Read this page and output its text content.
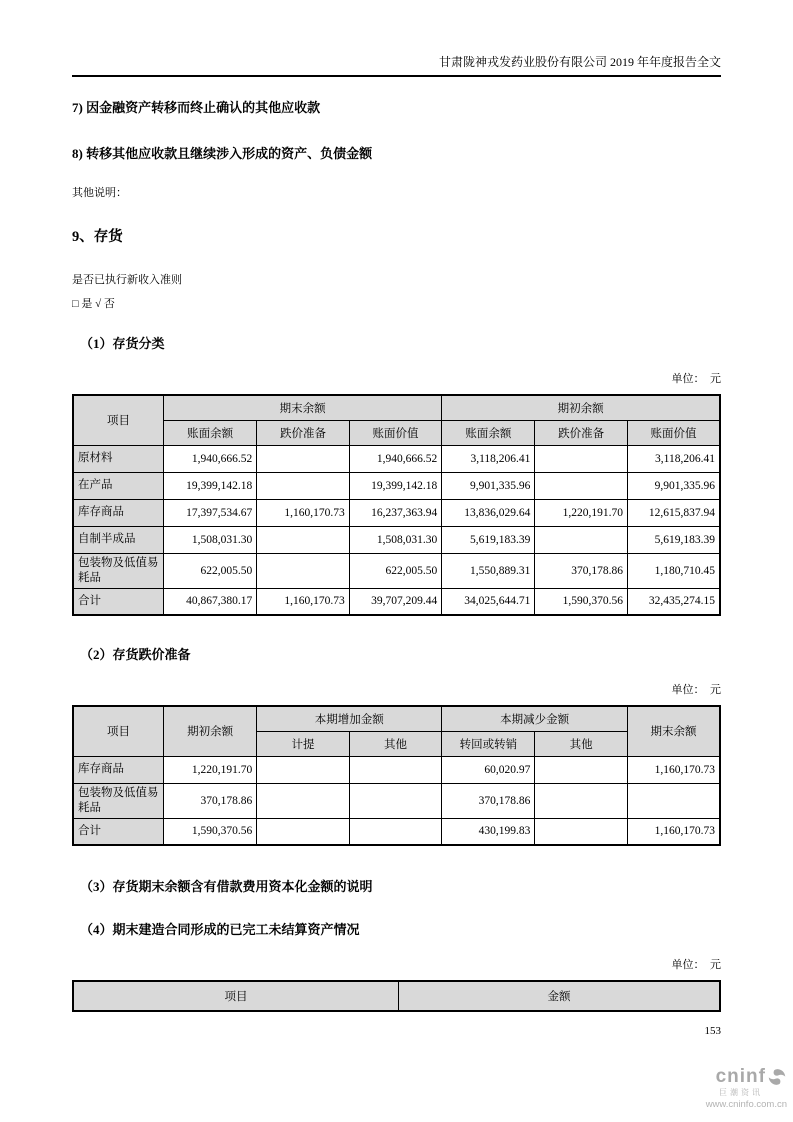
甘肃陇神戎发药业股份有限公司 2019 年年度报告全文
7) 因金融资产转移而终止确认的其他应收款
8) 转移其他应收款且继续涉入形成的资产、负债金额
其他说明：
9、存货
是否已执行新收入准则
□ 是 √ 否
（1）存货分类
单位：  元
项目	期末余额			期初余额		
	账面余额	跌价准备	账面价值	账面余额	跌价准备	账面价值
原材料	1,940,666.52		1,940,666.52	3,118,206.41		3,118,206.41
在产品	19,399,142.18		19,399,142.18	9,901,335.96		9,901,335.96
库存商品	17,397,534.67	1,160,170.73	16,237,363.94	13,836,029.64	1,220,191.70	12,615,837.94
自制半成品	1,508,031.30		1,508,031.30	5,619,183.39		5,619,183.39
包装物及低值易耗品	622,005.50		622,005.50	1,550,889.31	370,178.86	1,180,710.45
合计	40,867,380.17	1,160,170.73	39,707,209.44	34,025,644.71	1,590,370.56	32,435,274.15
（2）存货跌价准备
单位：  元
项目	期初余额	本期增加金额		本期减少金额		期末余额
		计提	其他	转回或转销	其他	
库存商品	1,220,191.70			60,020.97		1,160,170.73
包装物及低值易耗品	370,178.86			370,178.86		
合计	1,590,370.56			430,199.83		1,160,170.73
（3）存货期末余额含有借款费用资本化金额的说明
（4）期末建造合同形成的已完工未结算资产情况
单位：  元
项目	金额
153
cninf
巨潮资讯
www.cninfo.com.cn
